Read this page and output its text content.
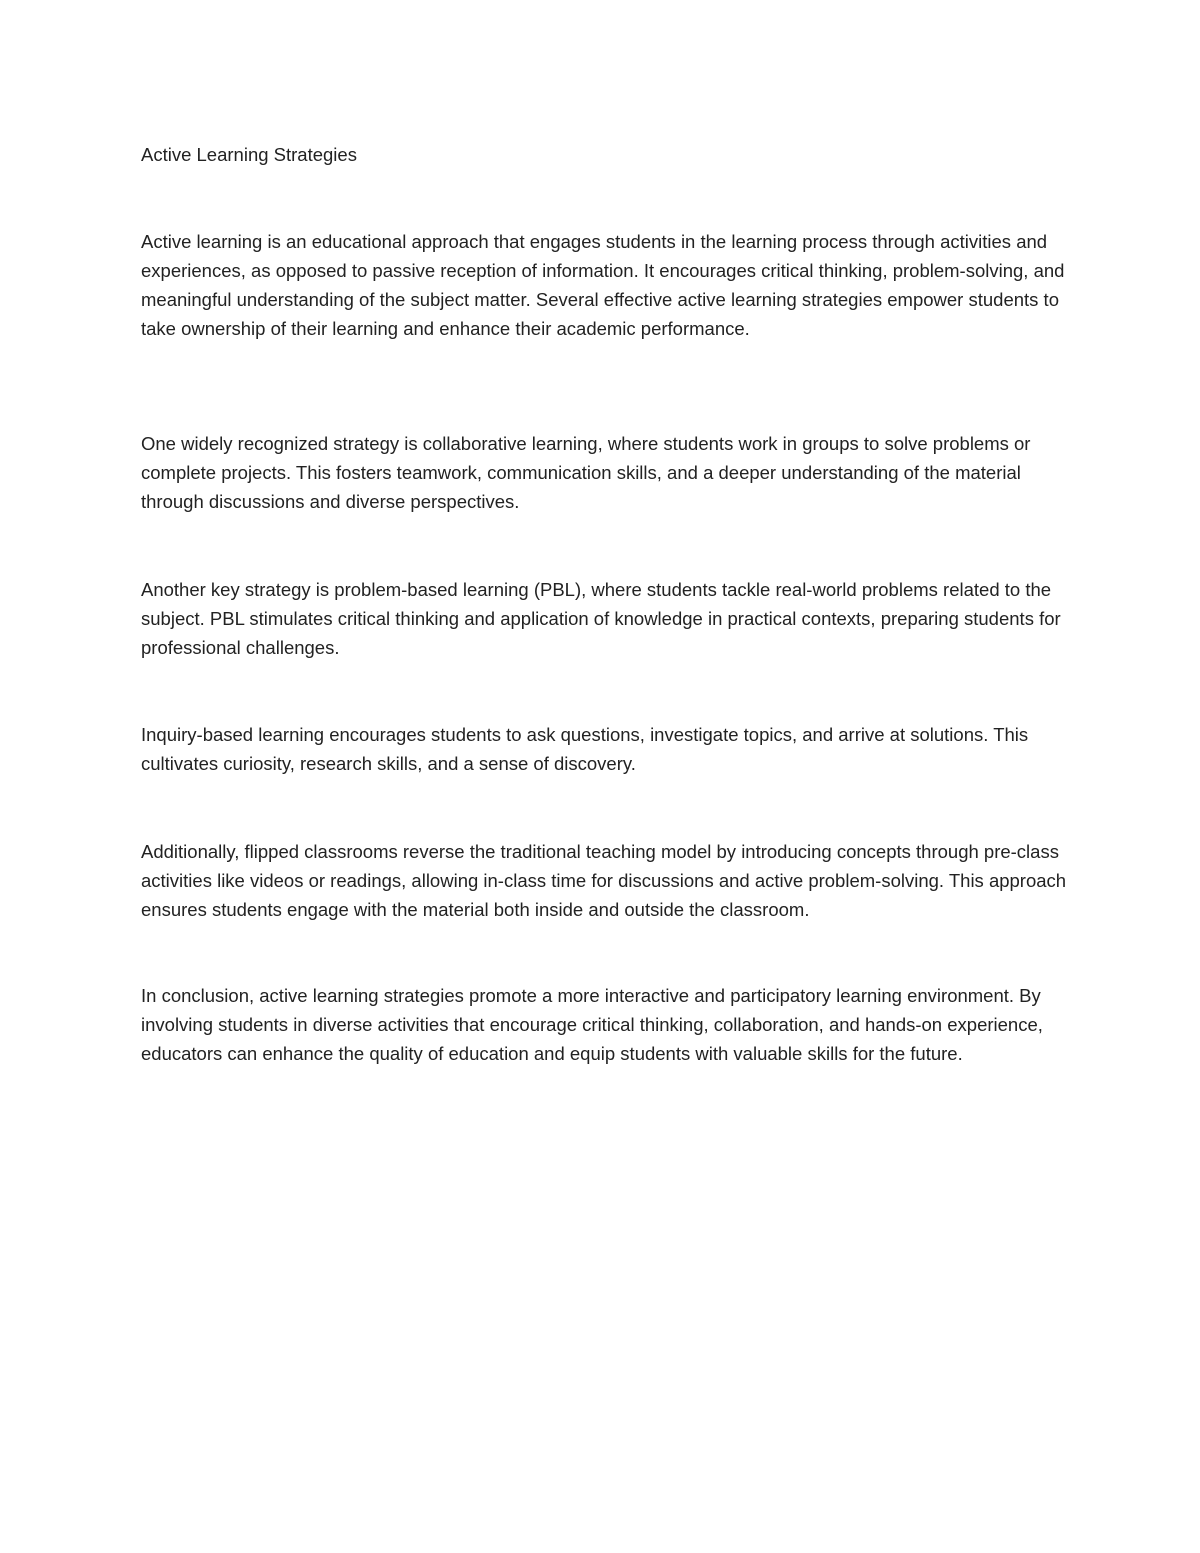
Active Learning Strategies

Active learning is an educational approach that engages students in the learning process through activities and experiences, as opposed to passive reception of information. It encourages critical thinking, problem-solving, and meaningful understanding of the subject matter. Several effective active learning strategies empower students to take ownership of their learning and enhance their academic performance.

One widely recognized strategy is collaborative learning, where students work in groups to solve problems or complete projects. This fosters teamwork, communication skills, and a deeper understanding of the material through discussions and diverse perspectives.

Another key strategy is problem-based learning (PBL), where students tackle real-world problems related to the subject. PBL stimulates critical thinking and application of knowledge in practical contexts, preparing students for professional challenges.

Inquiry-based learning encourages students to ask questions, investigate topics, and arrive at solutions. This cultivates curiosity, research skills, and a sense of discovery.

Additionally, flipped classrooms reverse the traditional teaching model by introducing concepts through pre-class activities like videos or readings, allowing in-class time for discussions and active problem-solving. This approach ensures students engage with the material both inside and outside the classroom.

In conclusion, active learning strategies promote a more interactive and participatory learning environment. By involving students in diverse activities that encourage critical thinking, collaboration, and hands-on experience, educators can enhance the quality of education and equip students with valuable skills for the future.
